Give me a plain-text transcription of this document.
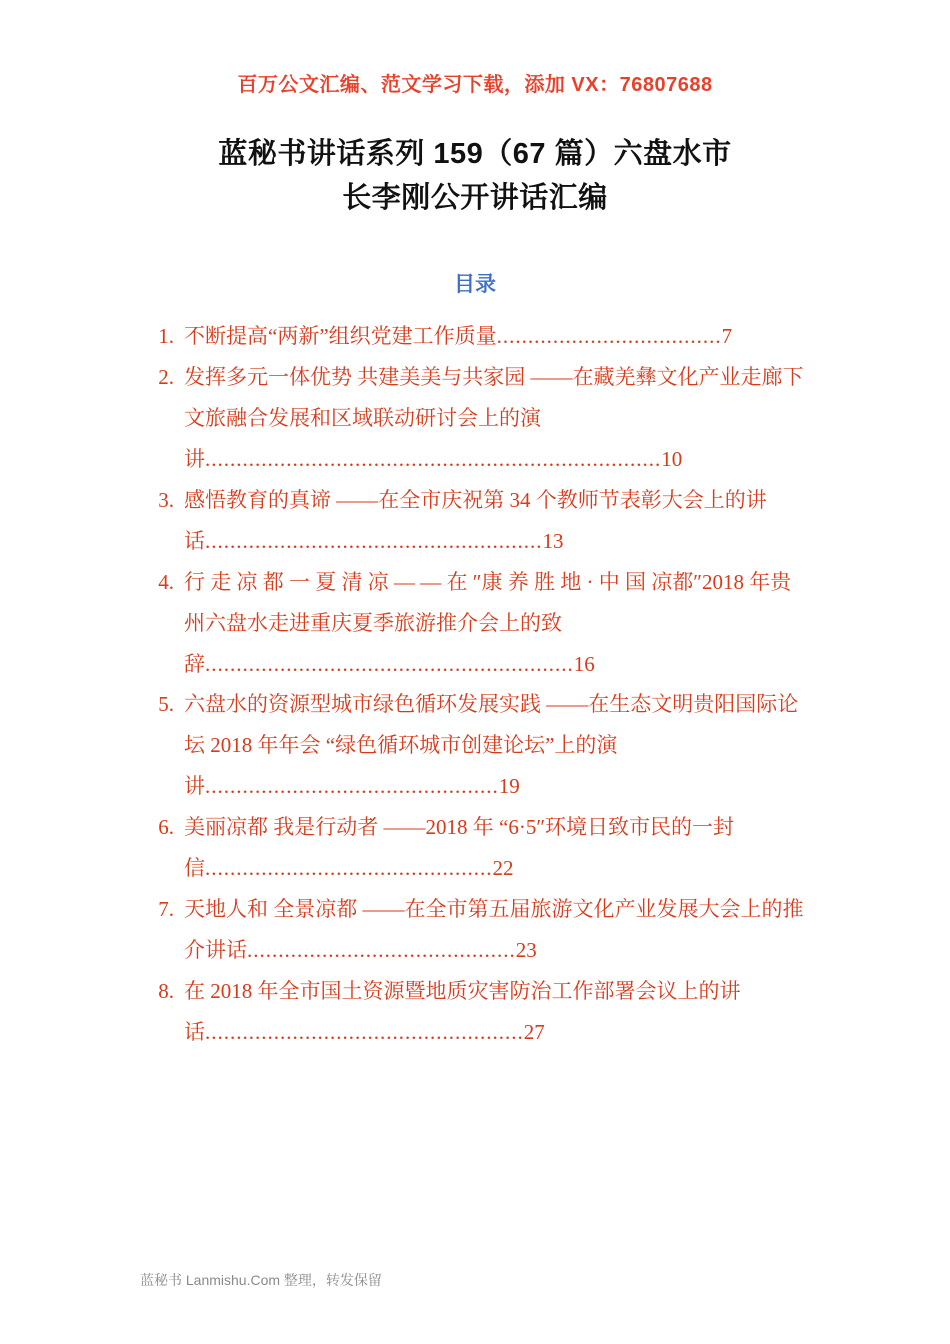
百万公文汇编、范文学习下载，添加 VX：76807688
蓝秘书讲话系列 159（67 篇）六盘水市
长李刚公开讲话汇编
目录
1. 不断提高“两新”组织党建工作质量....................................7
2. 发挥多元一体优势 共建美美与共家园 ——在藏羌彝文化产业走廊下文旅融合发展和区域联动研讨会上的演讲.........................................................................10
3. 感悟教育的真谛 ——在全市庆祝第 34 个教师节表彰大会上的讲话......................................................13
4. 行 走 凉 都 一 夏 清 凉 — — 在 ″康 养 胜 地 · 中 国 凉都″2018 年贵州六盘水走进重庆夏季旅游推介会上的致辞...........................................................16
5. 六盘水的资源型城市绿色循环发展实践 ——在生态文明贵阳国际论坛 2018 年年会 “绿色循环城市创建论坛”上的演讲...............................................19
6. 美丽凉都 我是行动者 ——2018 年 “6·5″环境日致市民的一封信..............................................22
7. 天地人和 全景凉都 ——在全市第五届旅游文化产业发展大会上的推介讲话...........................................23
8. 在 2018 年全市国土资源暨地质灾害防治工作部署会议上的讲话...................................................27
蓝秘书 Lanmishu.Com 整理，转发保留
